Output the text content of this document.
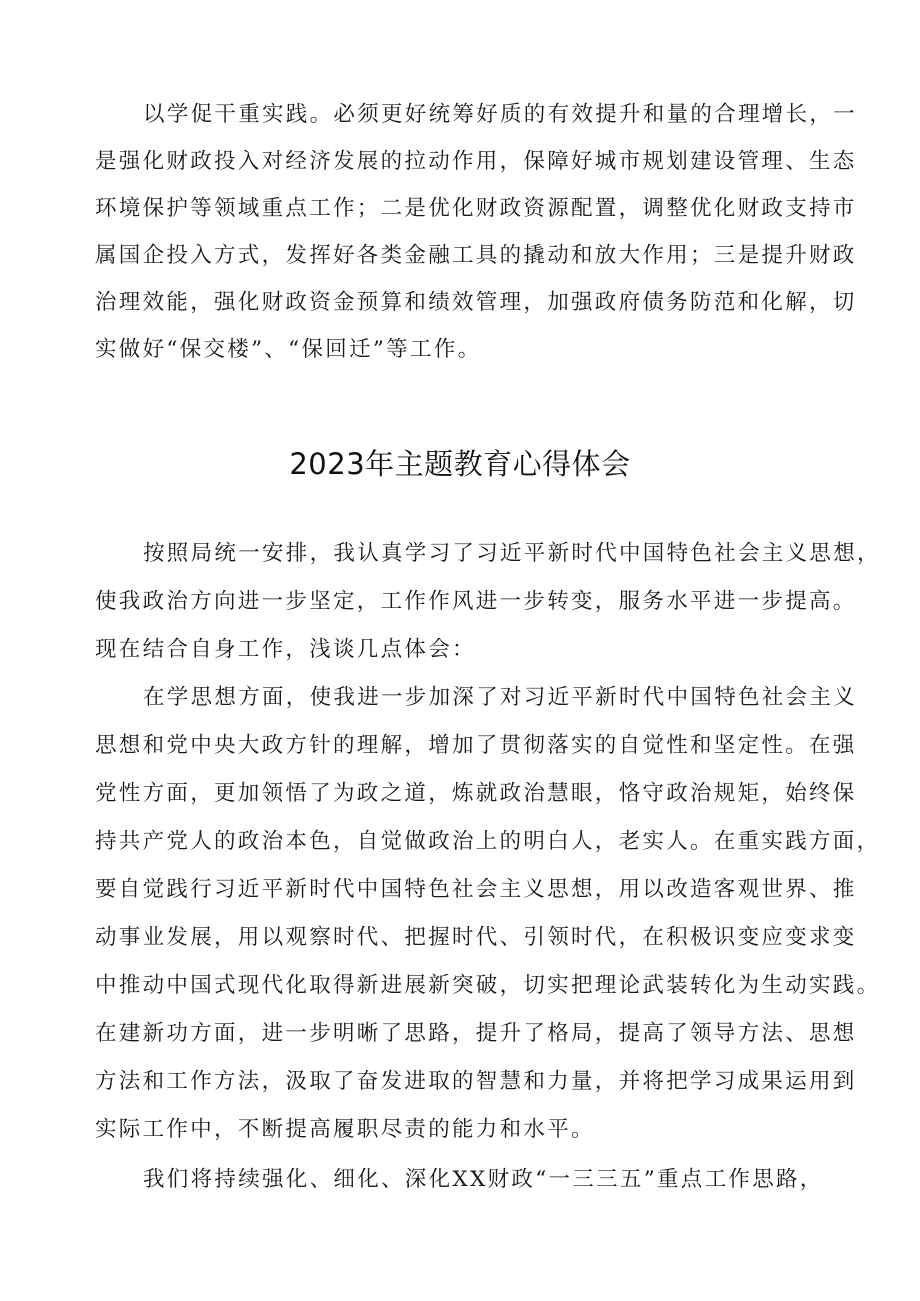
以学促干重实践。必须更好统筹好质的有效提升和量的合理增长，一
是强化财政投入对经济发展的拉动作用，保障好城市规划建设管理、生态
环境保护等领域重点工作；二是优化财政资源配置，调整优化财政支持市
属国企投入方式，发挥好各类金融工具的撬动和放大作用；三是提升财政
治理效能，强化财政资金预算和绩效管理，加强政府债务防范和化解，切
实做好“保交楼”、“保回迁”等工作。
2023年主题教育心得体会
按照局统一安排，我认真学习了习近平新时代中国特色社会主义思想，
使我政治方向进一步坚定，工作作风进一步转变，服务水平进一步提高。
现在结合自身工作，浅谈几点体会：
在学思想方面，使我进一步加深了对习近平新时代中国特色社会主义
思想和党中央大政方针的理解，增加了贯彻落实的自觉性和坚定性。在强
党性方面，更加领悟了为政之道，炼就政治慧眼，恪守政治规矩，始终保
持共产党人的政治本色，自觉做政治上的明白人，老实人。在重实践方面，
要自觉践行习近平新时代中国特色社会主义思想，用以改造客观世界、推
动事业发展，用以观察时代、把握时代、引领时代，在积极识变应变求变
中推动中国式现代化取得新进展新突破，切实把理论武装转化为生动实践。
在建新功方面，进一步明晰了思路，提升了格局，提高了领导方法、思想
方法和工作方法，汲取了奋发进取的智慧和力量，并将把学习成果运用到
实际工作中，不断提高履职尽责的能力和水平。
我们将持续强化、细化、深化XX财政“一三三五”重点工作思路，
